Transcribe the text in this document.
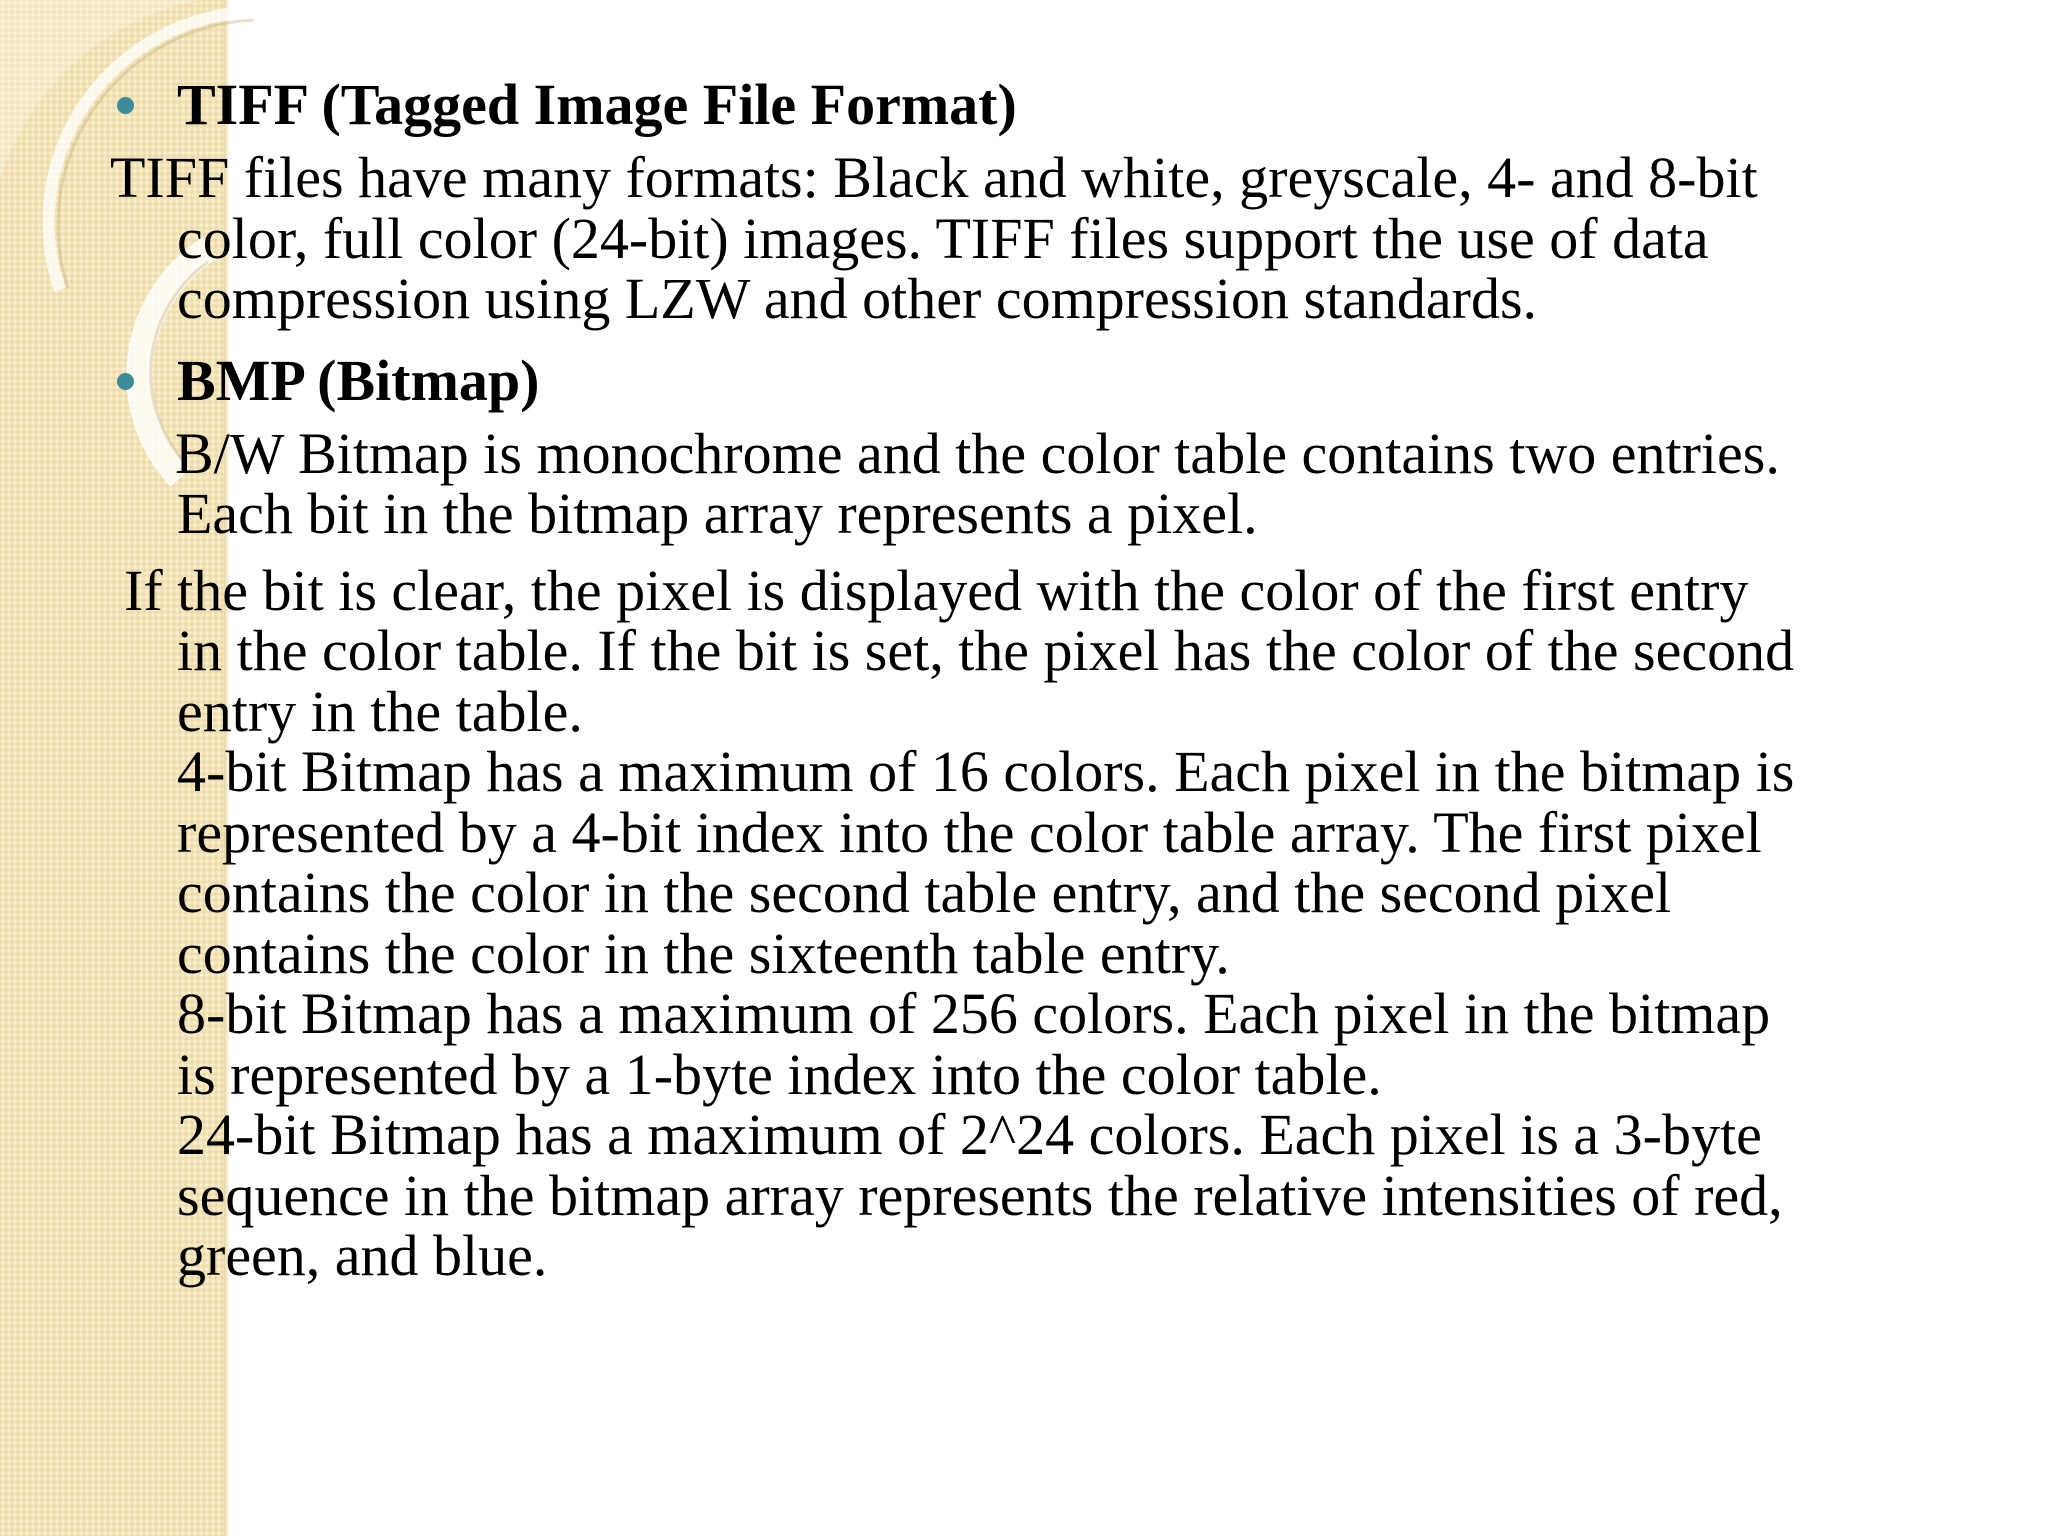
TIFF (Tagged Image File Format)
TIFF files have many formats: Black and white, greyscale, 4- and 8-bit
color, full color (24-bit) images. TIFF files support the use of data
compression using LZW and other compression standards.
BMP (Bitmap)
B/W Bitmap is monochrome and the color table contains two entries.
Each bit in the bitmap array represents a pixel.
If the bit is clear, the pixel is displayed with the color of the first entry
in the color table. If the bit is set, the pixel has the color of the second
entry in the table.
4-bit Bitmap has a maximum of 16 colors. Each pixel in the bitmap is
represented by a 4-bit index into the color table array. The first pixel
contains the color in the second table entry, and the second pixel
contains the color in the sixteenth table entry.
8-bit Bitmap has a maximum of 256 colors. Each pixel in the bitmap
is represented by a 1-byte index into the color table.
24-bit Bitmap has a maximum of 2^24 colors. Each pixel is a 3-byte
sequence in the bitmap array represents the relative intensities of red,
green, and blue.
